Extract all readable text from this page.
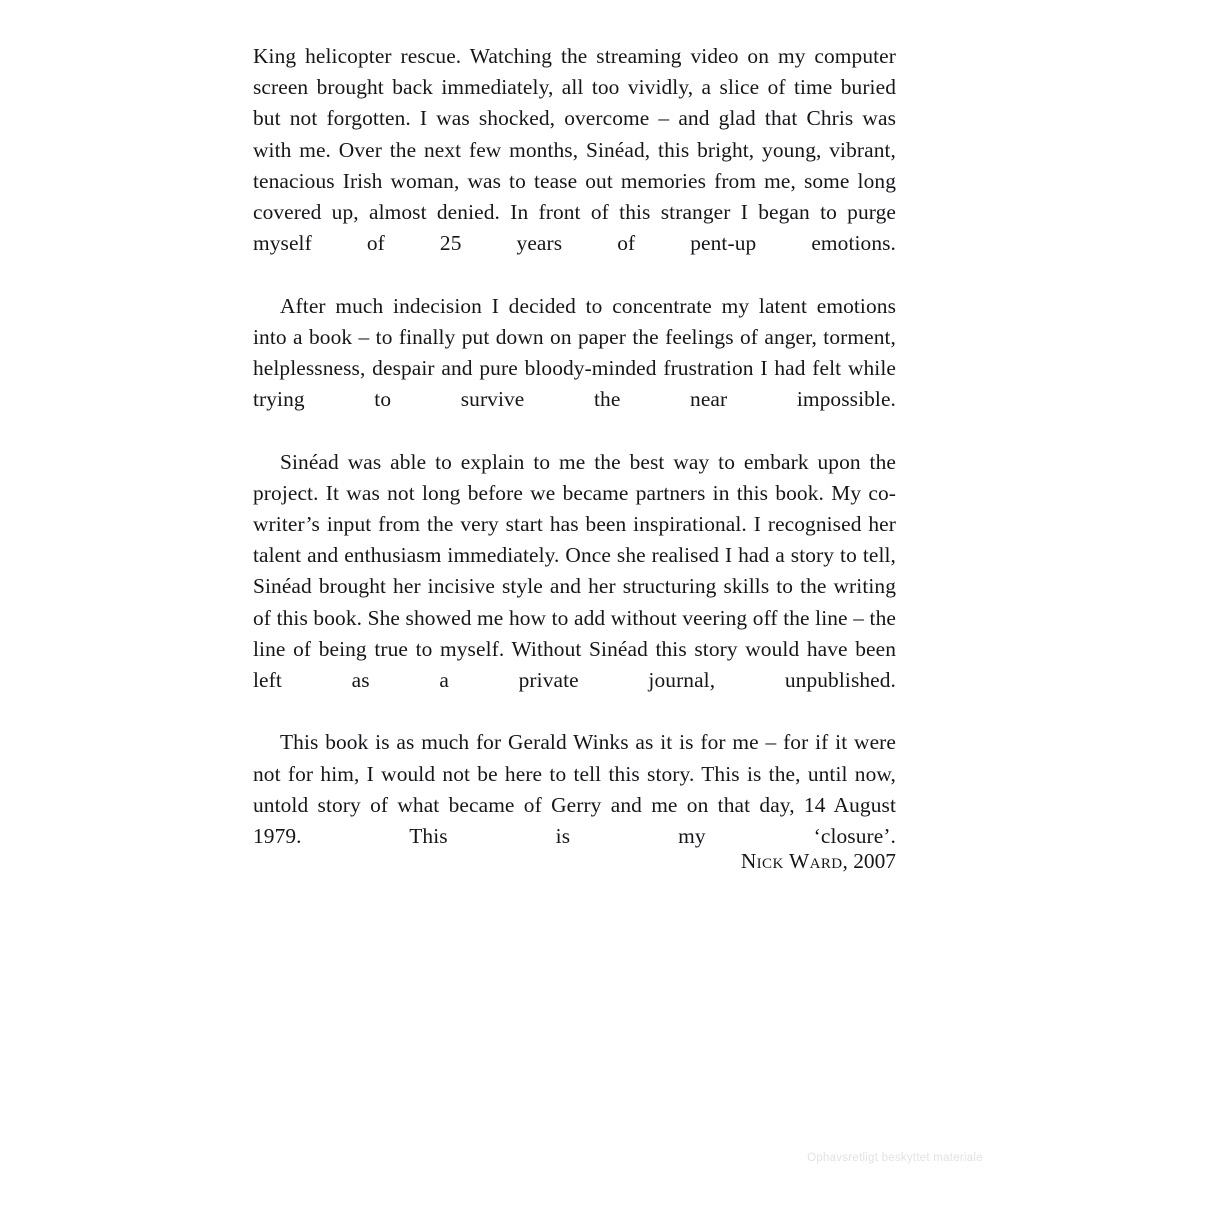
King helicopter rescue. Watching the streaming video on my computer screen brought back immediately, all too vividly, a slice of time buried but not forgotten. I was shocked, overcome – and glad that Chris was with me. Over the next few months, Sinéad, this bright, young, vibrant, tenacious Irish woman, was to tease out memories from me, some long covered up, almost denied. In front of this stranger I began to purge myself of 25 years of pent-up emotions.

After much indecision I decided to concentrate my latent emotions into a book – to finally put down on paper the feelings of anger, torment, helplessness, despair and pure bloody-minded frustration I had felt while trying to survive the near impossible.

Sinéad was able to explain to me the best way to embark upon the project. It was not long before we became partners in this book. My co-writer’s input from the very start has been inspirational. I recognised her talent and enthusiasm immediately. Once she realised I had a story to tell, Sinéad brought her incisive style and her structuring skills to the writing of this book. She showed me how to add without veering off the line – the line of being true to myself. Without Sinéad this story would have been left as a private journal, unpublished.

This book is as much for Gerald Winks as it is for me – for if it were not for him, I would not be here to tell this story. This is the, until now, untold story of what became of Gerry and me on that day, 14 August 1979. This is my ‘closure’.

Nick Ward, 2007
Ophavsretligt beskyttet materiale
